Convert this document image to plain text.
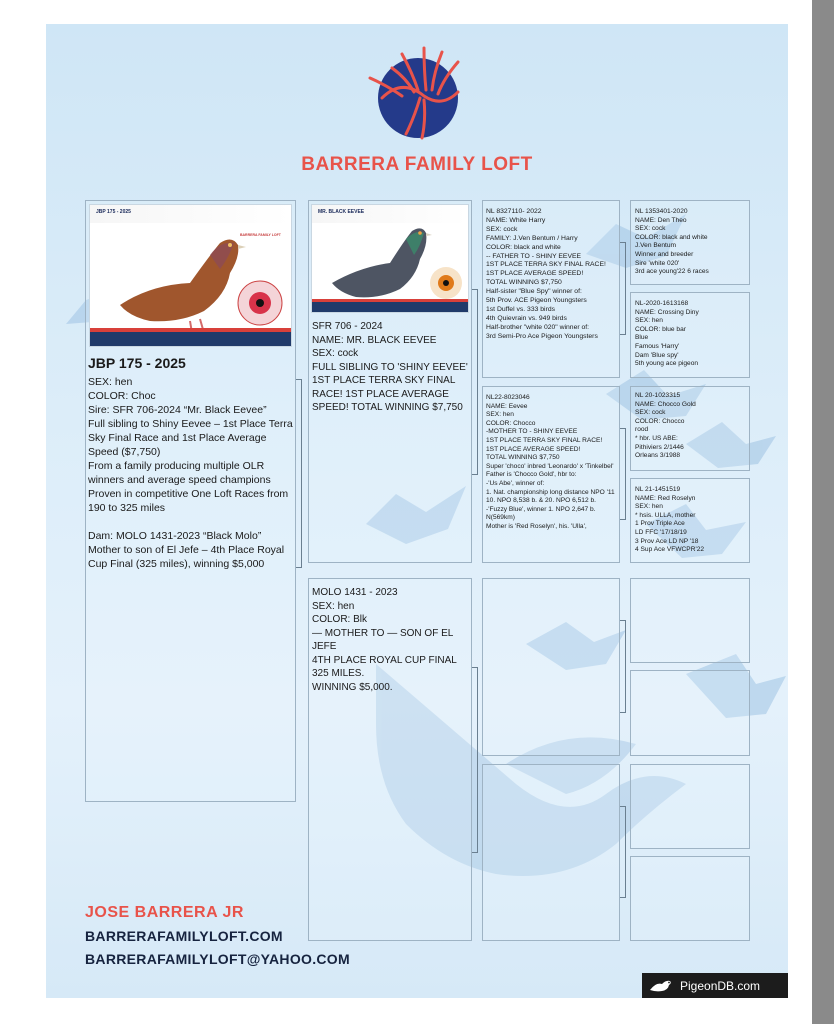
BARRERA FAMILY LOFT
JBP 175 - 2025
BARRERA FAMILY LOFT
JBP 175 - 2025
SEX: hen
COLOR: Choc
Sire: SFR 706-2024 “Mr. Black Eevee”
Full sibling to Shiny Eevee – 1st Place Terra Sky Final Race and 1st Place Average Speed ($7,750)
From a family producing multiple OLR winners and average speed champions
Proven in competitive One Loft Races from 190 to 325 miles

Dam: MOLO 1431-2023 “Black Molo”
Mother to son of El Jefe – 4th Place Royal Cup Final (325 miles), winning $5,000
MR. BLACK EEVEE
SFR 706 - 2024
NAME: MR. BLACK EEVEE
SEX: cock
FULL SIBLING TO 'SHINY EEVEE' 1ST PLACE TERRA SKY FINAL RACE! 1ST PLACE AVERAGE SPEED! TOTAL WINNING $7,750
MOLO 1431 - 2023
SEX: hen
COLOR: Blk
— MOTHER TO — SON OF EL JEFE
4TH PLACE ROYAL CUP FINAL 325 MILES.
WINNING $5,000.
NL 8327110- 2022
NAME: White Harry
SEX: cock
FAMILY: J.Ven Bentum / Harry
COLOR: black and white
-- FATHER TO - SHINY EEVEE
1ST PLACE TERRA SKY FINAL RACE!
1ST PLACE AVERAGE SPEED!
TOTAL WINNING $7,750
Half-sister "Blue Spy" winner of:
5th Prov. ACE Pigeon Youngsters
1st Duffel vs. 333 birds
4th Quievrain vs. 949 birds
Half-brother "white 020" winner of:
3rd Semi-Pro Ace Pigeon Youngsters
NL22-8023046
NAME: Eevee
SEX: hen
COLOR: Chocco
-MOTHER TO - SHINY EEVEE
1ST PLACE TERRA SKY FINAL RACE!
1ST PLACE AVERAGE SPEED!
TOTAL WINNING $7,750
Super 'choco' inbred 'Leonardo' x 'Tinkelbel'
Father is 'Chocco Gold', hbr to:
-'Us Abe', winner of:
1. Nat. championship long distance NPO '11
10. NPO 8,538 b. & 20. NPO 6,512 b.
-'Fuzzy Blue', winner 1. NPO 2,647 b. N(569km)
Mother is 'Red Roselyn', his. 'Ulla',
NL 1353401-2020
NAME: Den Theo
SEX: cock
COLOR: black and white
J.Ven Bentum
Winner and breeder
Sire 'white 020'
3rd ace young'22 6 races
NL-2020-1613168
NAME: Crossing Diny
SEX: hen
COLOR: blue bar
Blue
Famous 'Harry'
Dam 'Blue spy'
5th young ace pigeon
NL 20-1023315
NAME: Chocco Gold
SEX: cock
COLOR: Chocco
rood
* hbr. US ABE:
Pithiviers 2/1446
Orleans 3/1988
NL 21-1451519
NAME: Red Roselyn
SEX: hen
* hsis. ULLA, mother
1 Prov Triple Ace
LD FFC '17/18/19
3 Prov Ace LD NP '18
4 Sup Ace VFWCPR'22
JOSE BARRERA JR
BARRERAFAMILYLOFT.COM
BARRERAFAMILYLOFT@YAHOO.COM
PigeonDB.com
